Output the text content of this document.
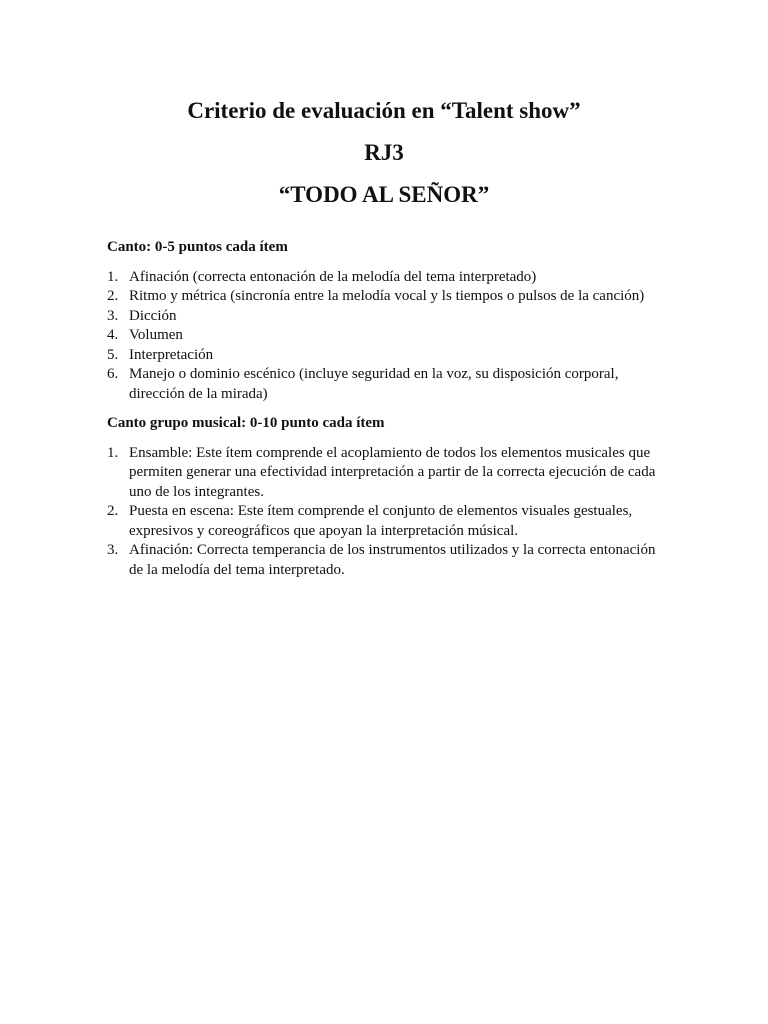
Criterio de evaluación en “Talent show”

RJ3

“TODO AL SEÑOR”

Canto: 0-5 puntos cada ítem

1. Afinación (correcta entonación de la melodía del tema interpretado)
2. Ritmo y métrica (sincronía entre la melodía vocal y ls tiempos o pulsos de la canción)
3. Dicción
4. Volumen
5. Interpretación
6. Manejo o dominio escénico (incluye seguridad en la voz, su disposición corporal, dirección de la mirada)

Canto grupo musical: 0-10 punto cada ítem

1. Ensamble: Este ítem comprende el acoplamiento de todos los elementos musicales que permiten generar una efectividad interpretación a partir de la correcta ejecución de cada uno de los integrantes.
2. Puesta en escena: Este ítem comprende el conjunto de elementos visuales gestuales, expresivos y coreográficos que apoyan la interpretación músical.
3. Afinación: Correcta temperancia de los instrumentos utilizados y la correcta entonación de la melodía del tema interpretado.
